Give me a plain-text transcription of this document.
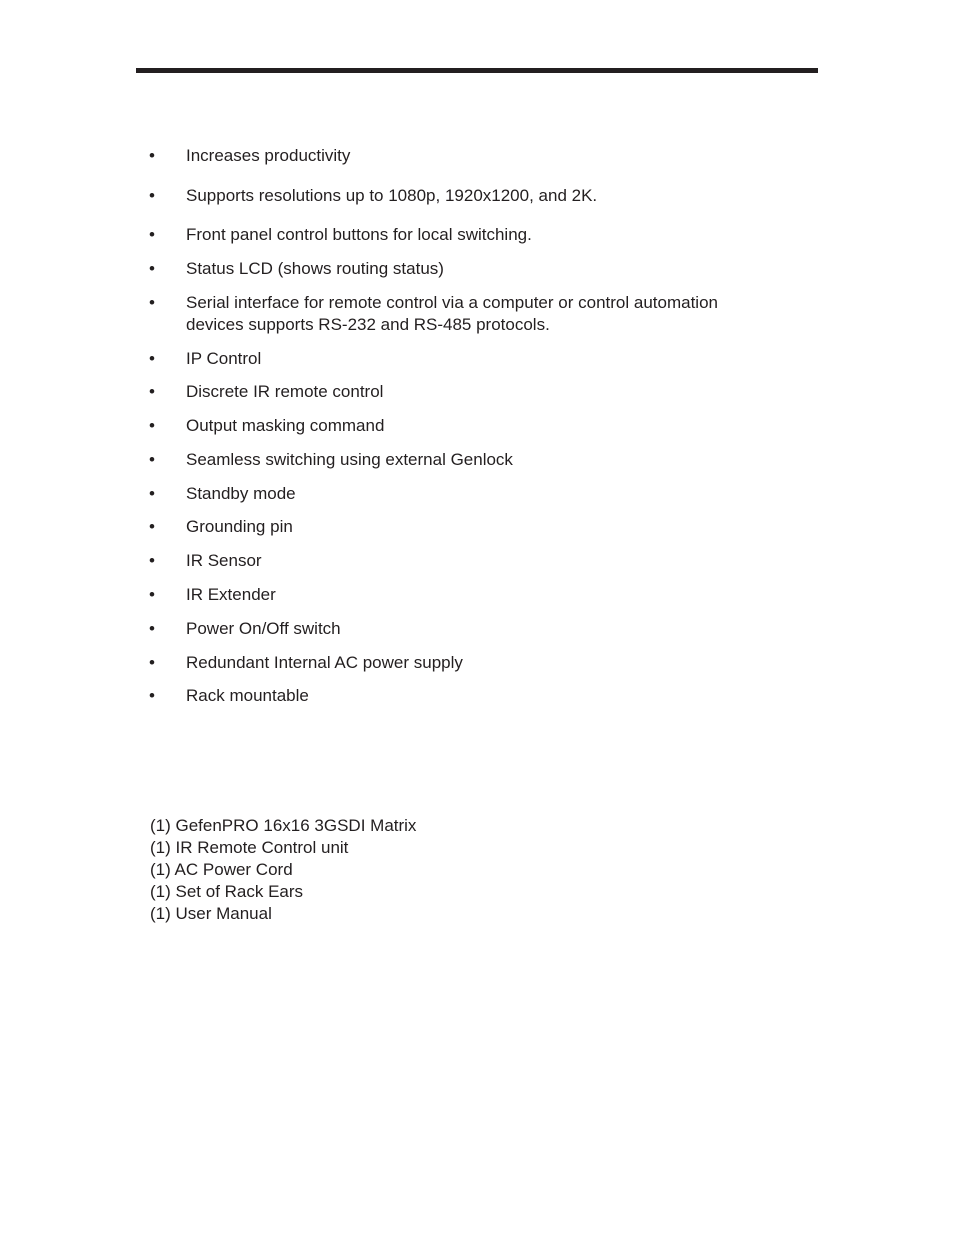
• Increases productivity
• Supports resolutions up to 1080p, 1920x1200, and 2K.
• Front panel control buttons for local switching.
• Status LCD (shows routing status)
• Serial interface for remote control via a computer or control automation
devices supports RS-232 and RS-485 protocols.
• IP Control
• Discrete IR remote control
• Output masking command
• Seamless switching using external Genlock
• Standby mode
• Grounding pin
• IR Sensor
• IR Extender
• Power On/Off switch
• Redundant Internal AC power supply
• Rack mountable
(1) GefenPRO 16x16 3GSDI Matrix
(1) IR Remote Control unit
(1) AC Power Cord
(1) Set of Rack Ears
(1) User Manual
